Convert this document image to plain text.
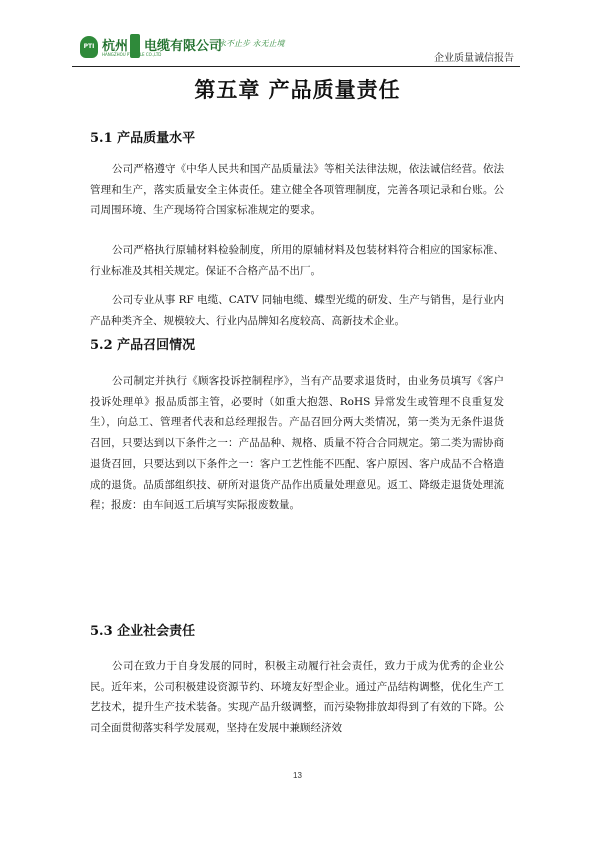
PTI 杭州 电缆有限公司
HANGZHOU PTCABLE CO.,LTD
永不止步 永无止境
企业质量诚信报告
第五章 产品质量责任
5.1 产品质量水平

公司严格遵守《中华人民共和国产品质量法》等相关法律法规，依法诚信经营。依法管理和生产，落实质量安全主体责任。建立健全各项管理制度，完善各项记录和台账。公司周围环境、生产现场符合国家标准规定的要求。

公司严格执行原辅材料检验制度，所用的原辅材料及包装材料符合相应的国家标准、行业标准及其相关规定。保证不合格产品不出厂。

公司专业从事 RF 电缆、CATV 同轴电缆、蝶型光缆的研发、生产与销售，是行业内产品种类齐全、规模较大、行业内品牌知名度较高、高新技术企业。

5.2 产品召回情况

公司制定并执行《顾客投诉控制程序》，当有产品要求退货时，由业务员填写《客户投诉处理单》报品质部主管，必要时（如重大抱怨、RoHS 异常发生或管理不良重复发生），向总工、管理者代表和总经理报告。产品召回分两大类情况，第一类为无条件退货召回，只要达到以下条件之一：产品品种、规格、质量不符合合同规定。第二类为需协商退货召回，只要达到以下条件之一：客户工艺性能不匹配、客户原因、客户成品不合格造成的退货。品质部组织技、研所对退货产品作出质量处理意见。返工、降级走退货处理流程；报废：由车间返工后填写实际报废数量。

5.3 企业社会责任

公司在致力于自身发展的同时，积极主动履行社会责任，致力于成为优秀的企业公民。近年来，公司积极建设资源节约、环境友好型企业。通过产品结构调整，优化生产工艺技术，提升生产技术装备。实现产品升级调整，而污染物排放却得到了有效的下降。公司全面贯彻落实科学发展观，坚持在发展中兼顾经济效

13
